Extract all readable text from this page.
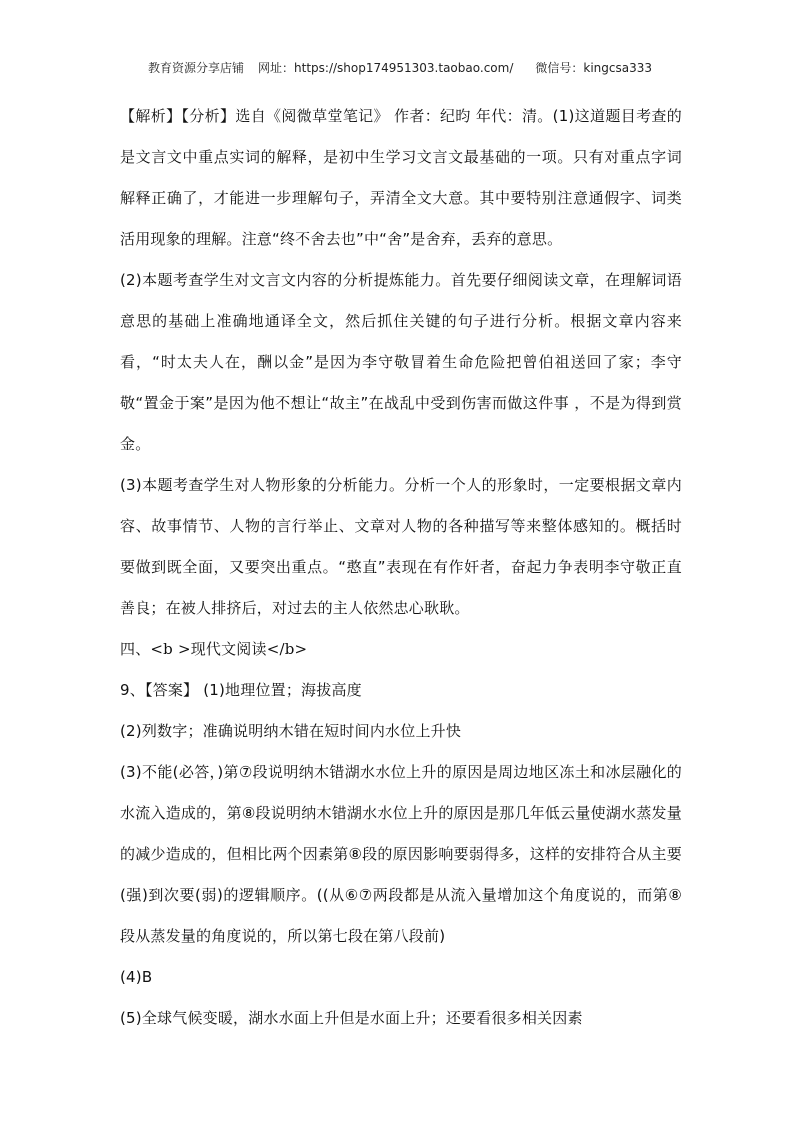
教育资源分享店铺 网址：https://shop174951303.taobao.com/ 微信号：kingcsa333

【解析】【分析】选自《阅微草堂笔记》 作者：纪昀 年代：清。(1)这道题目考查的是文言文中重点实词的解释，是初中生学习文言文最基础的一项。只有对重点字词解释正确了，才能进一步理解句子，弄清全文大意。其中要特别注意通假字、词类活用现象的理解。注意“终不舍去也”中“舍”是舍弃，丢弃的意思。

(2)本题考查学生对文言文内容的分析提炼能力。首先要仔细阅读文章，在理解词语意思的基础上准确地通译全文，然后抓住关键的句子进行分析。根据文章内容来看，“时太夫人在，酬以金”是因为李守敬冒着生命危险把曾伯祖送回了家；李守敬“置金于案”是因为他不想让“故主”在战乱中受到伤害而做这件事 ，不是为得到赏金。

(3)本题考查学生对人物形象的分析能力。分析一个人的形象时，一定要根据文章内容、故事情节、人物的言行举止、文章对人物的各种描写等来整体感知的。概括时要做到既全面，又要突出重点。“憨直”表现在有作奸者，奋起力争表明李守敬正直善良；在被人排挤后，对过去的主人依然忠心耿耿。

四、<b >现代文阅读</b>

9、【答案】 (1)地理位置；海拔高度

(2)列数字；准确说明纳木错在短时间内水位上升快

(3)不能(必答，)第⑦段说明纳木错湖水水位上升的原因是周边地区冻土和冰层融化的水流入造成的，第⑧段说明纳木错湖水水位上升的原因是那几年低云量使湖水蒸发量的减少造成的，但相比两个因素第⑧段的原因影响要弱得多，这样的安排符合从主要(强)到次要(弱)的逻辑顺序。((从⑥⑦两段都是从流入量增加这个角度说的，而第⑧段从蒸发量的角度说的，所以第七段在第八段前)

(4)B

(5)全球气候变暖，湖水水面上升但是水面上升；还要看很多相关因素
